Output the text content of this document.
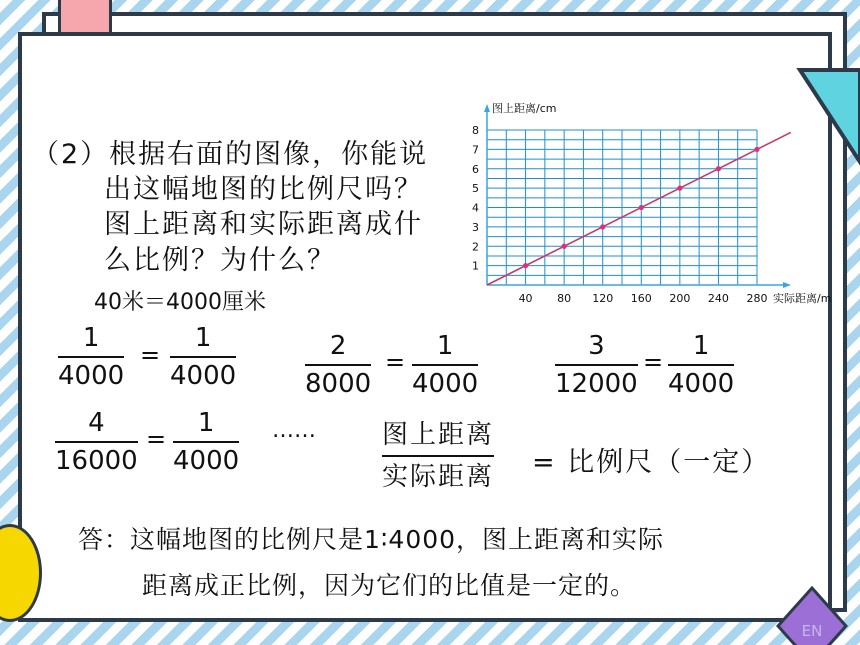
EN
（2）根据右面的图像，你能说
出这幅地图的比例尺吗？
图上距离和实际距离成什
么比例？为什么？
40米＝4000厘米	40 80 120 160 200 240 280
1
2
3
4
5
6
7
8
图上距离/cm
实际距离/m
1
4000
=
1
4000
2
8000
=
1
4000
3
12000
=
1
4000
4
16000
=
1
4000
……	图上距离
实际距离 = 比例尺（一定）
答：这幅地图的比例尺是1∶4000，图上距离和实际
距离成正比例，因为它们的比值是一定的。
